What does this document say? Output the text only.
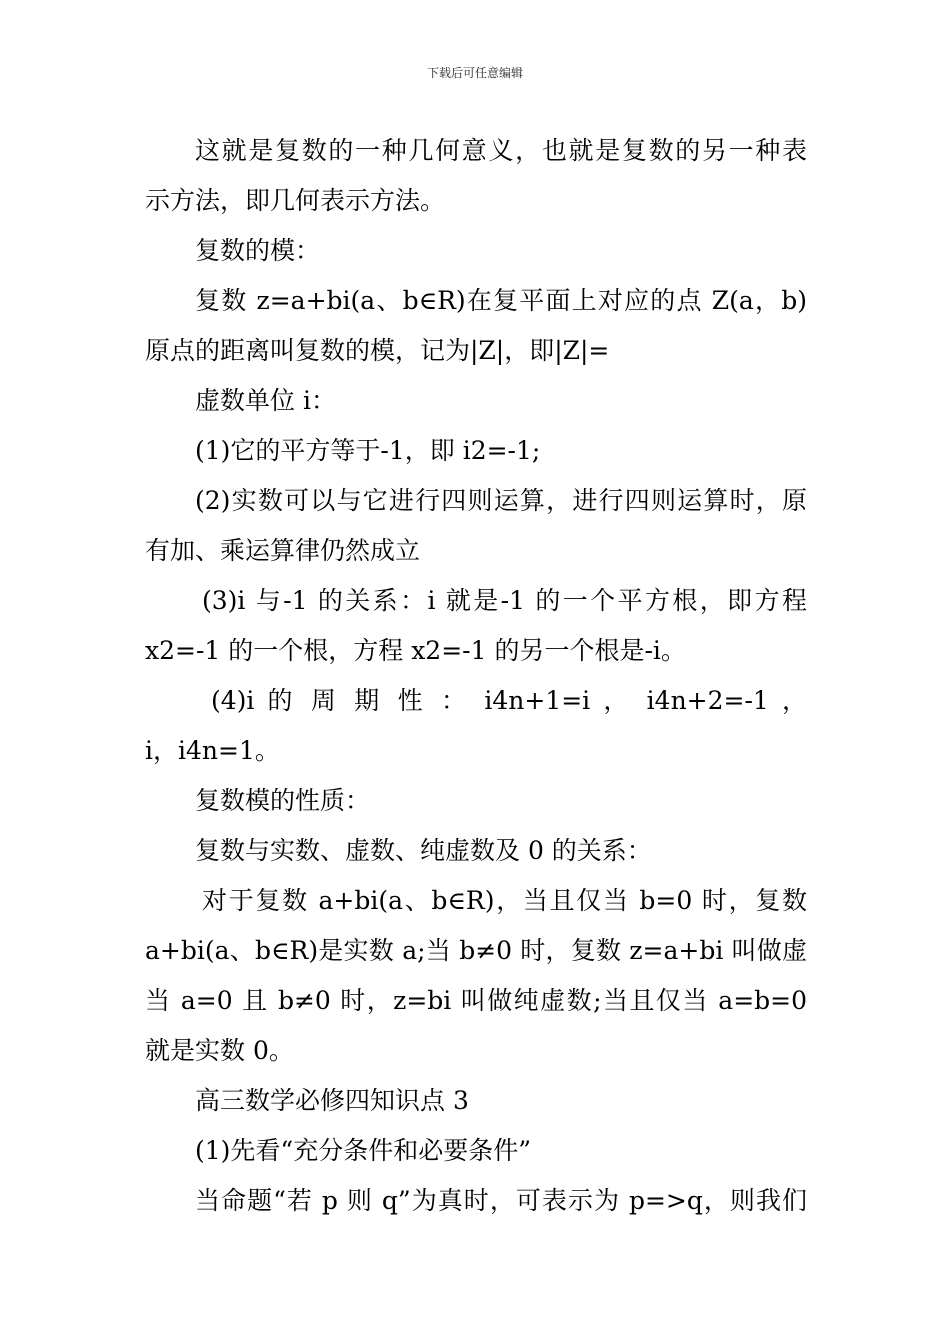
下载后可任意编辑
这就是复数的一种几何意义，也就是复数的另一种表
示方法，即几何表示方法。
复数的模：
复数 z=a+bi(a、b∈R)在复平面上对应的点 Z(a，b)
原点的距离叫复数的模，记为|Z|，即|Z|=
虚数单位 i：
(1)它的平方等于-1，即 i2=-1;
(2)实数可以与它进行四则运算，进行四则运算时，原
有加、乘运算律仍然成立
(3)i 与-1 的关系：i 就是-1 的一个平方根，即方程
x2=-1 的一个根，方程 x2=-1 的另一个根是-i。
(4)i 的 周 期 性 ： i4n+1=i ， i4n+2=-1 ，
i，i4n=1。
复数模的性质：
复数与实数、虚数、纯虚数及 0 的关系：
对于复数 a+bi(a、b∈R)，当且仅当 b=0 时，复数
a+bi(a、b∈R)是实数 a;当 b≠0 时，复数 z=a+bi 叫做虚
当 a=0 且 b≠0 时，z=bi 叫做纯虚数;当且仅当 a=b=0
就是实数 0。
高三数学必修四知识点 3
(1)先看“充分条件和必要条件”
当命题“若 p 则 q”为真时，可表示为 p=>q，则我们
